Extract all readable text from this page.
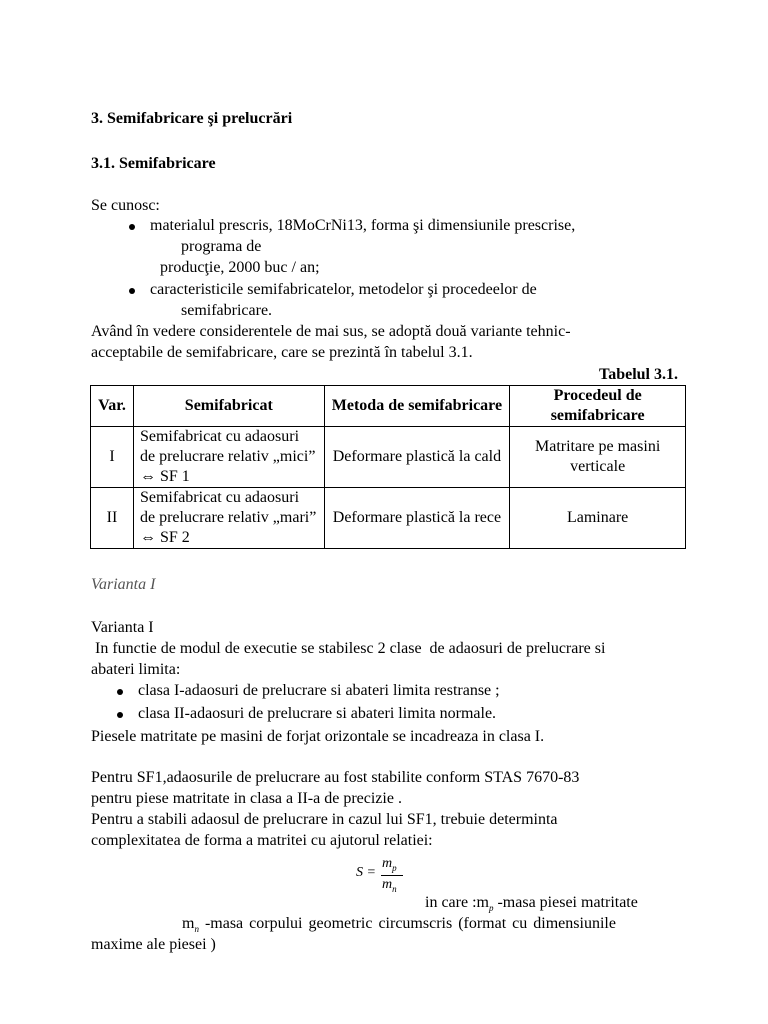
3. Semifabricare şi prelucrări
3.1. Semifabricare
Se cunosc:
materialul prescris, 18MoCrNi13, forma şi dimensiunile prescrise,
programa de
producţie, 2000 buc / an;
caracteristicile semifabricatelor, metodelor şi procedeelor de
semifabricare.
Având în vedere considerentele de mai sus, se adoptă două variante tehnic-
acceptabile de semifabricare, care se prezintă în tabelul 3.1.
Tabelul 3.1.
Var.	Semifabricat	Metoda de semifabricare	Procedeul de semifabricare
I	Semifabricat cu adaosuri de prelucrare relativ „mici” ⇔ SF 1	Deformare plastică la cald	Matritare pe masini verticale
II	Semifabricat cu adaosuri de prelucrare relativ „mari” ⇔ SF 2	Deformare plastică la rece	Laminare
Varianta I
Varianta I
In functie de modul de executie se stabilesc 2 clase  de adaosuri de prelucrare si
abateri limita:
clasa I-adaosuri de prelucrare si abateri limita restranse ;
clasa II-adaosuri de prelucrare si abateri limita normale.
Piesele matritate pe masini de forjat orizontale se incadreaza in clasa I.
Pentru SF1,adaosurile de prelucrare au fost stabilite conform STAS 7670-83
pentru piese matritate in clasa a II-a de precizie .
Pentru a stabili adaosul de prelucrare in cazul lui SF1, trebuie determinta
complexitatea de forma a matritei cu ajutorul relatiei:
S =
$m_p$
$m_n$
in care $:m_p$ -masa piesei matritate
$m_n$ -masa corpului geometric circumscris (format cu dimensiunile
maxime ale piesei )
